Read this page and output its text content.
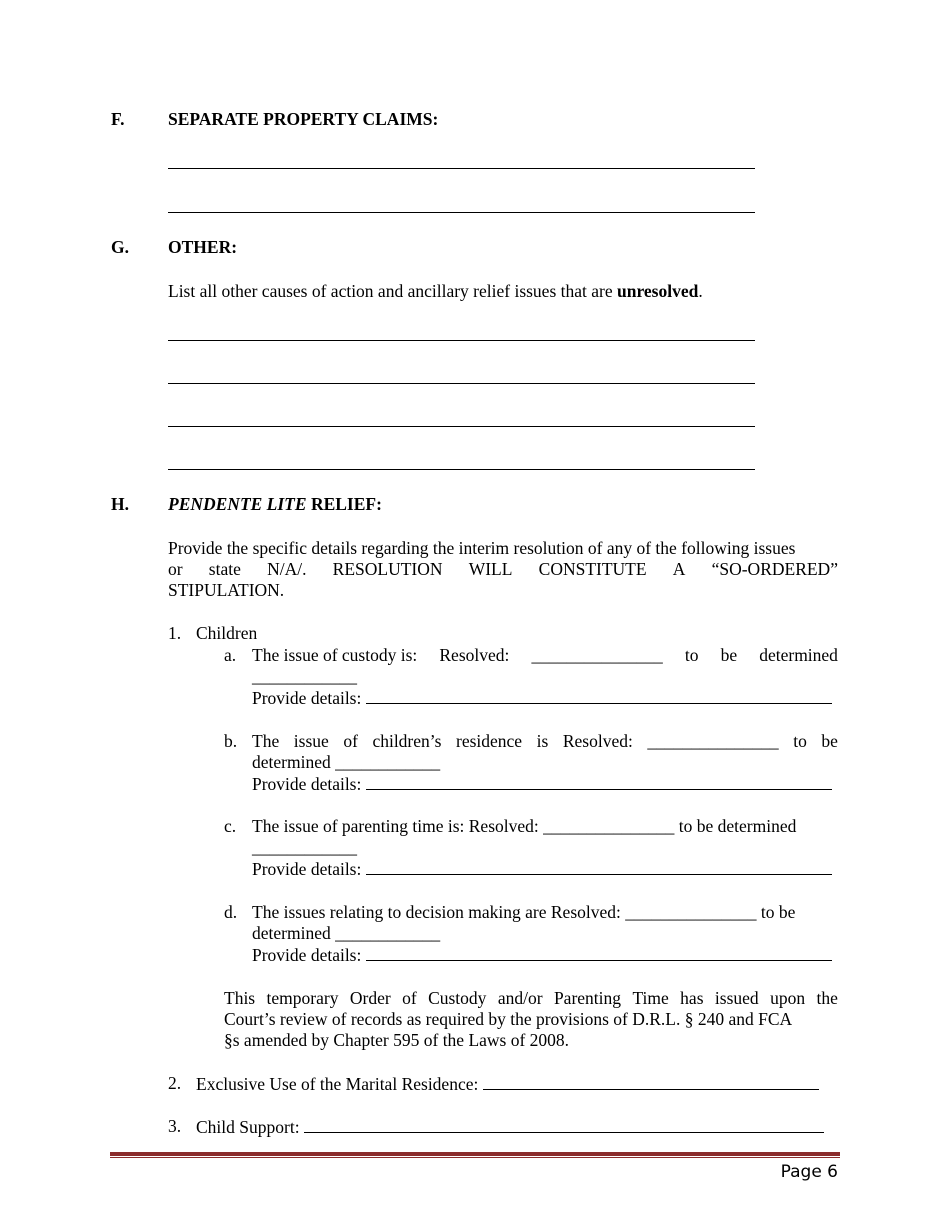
F. SEPARATE PROPERTY CLAIMS:
G. OTHER:
List all other causes of action and ancillary relief issues that are unresolved.
H. PENDENTE LITE RELIEF:
Provide the specific details regarding the interim resolution of any of the following issues
or state N/A/. RESOLUTION WILL CONSTITUTE A “SO-ORDERED”
STIPULATION.
1. Children
a. The issue of custody is: Resolved: _______________ to be determined
____________
Provide details:
b. The issue of children’s residence is Resolved: _______________ to be
determined ____________
Provide details:
c. The issue of parenting time is: Resolved: _______________ to be determined
____________
Provide details:
d. The issues relating to decision making are Resolved: _______________ to be
determined ____________
Provide details:
This temporary Order of Custody and/or Parenting Time has issued upon the
Court’s review of records as required by the provisions of D.R.L. § 240 and FCA
§s amended by Chapter 595 of the Laws of 2008.
2. Exclusive Use of the Marital Residence:
3. Child Support:
Page 6
